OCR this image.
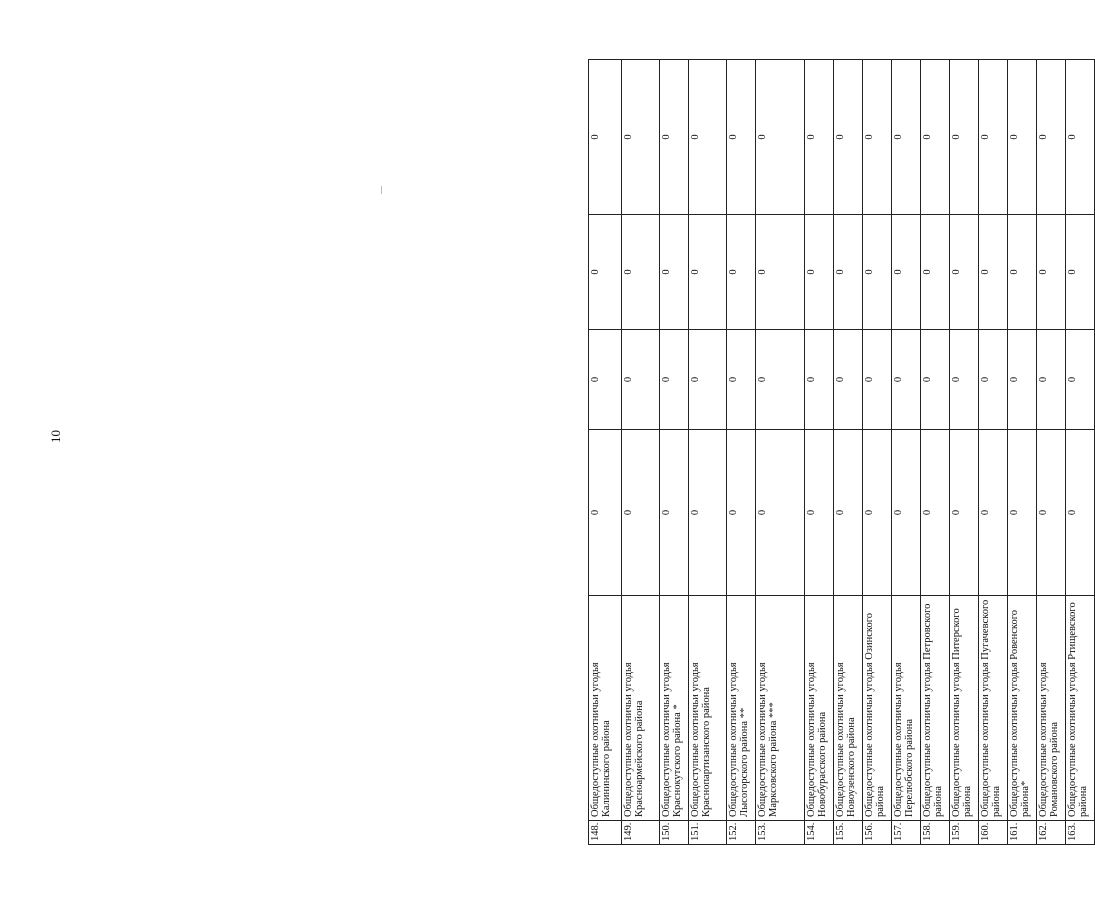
10
148.	Общедоступные охотничьи угодья Калининского района	0	0	0	0
149.	Общедоступные охотничьи угодья Красноармейского района	0	0	0	0
150.	Общедоступные охотничьи угодья Краснокутского района *	0	0	0	0
151.	Общедоступные охотничьи угодья Краснопартизанского района	0	0	0	0
152.	Общедоступные охотничьи угодья Лысогорского района **	0	0	0	0
153.	Общедоступные охотничьи угодья Марксовского района ***	0	0	0	0
154.	Общедоступные охотничьи угодья Новобурасского района	0	0	0	0
155.	Общедоступные охотничьи угодья Новоузенского района	0	0	0	0
156.	Общедоступные охотничьи угодья Озинского района	0	0	0	0
157.	Общедоступные охотничьи угодья Перелюбского района	0	0	0	0
158.	Общедоступные охотничьи угодья Петровского района	0	0	0	0
159.	Общедоступные охотничьи угодья Питерского района	0	0	0	0
160.	Общедоступные охотничьи угодья Пугачевского района	0	0	0	0
161.	Общедоступные охотничьи угодья Ровенского района*	0	0	0	0
162.	Общедоступные охотничьи угодья Романовского района	0	0	0	0
163.	Общедоступные охотничьи угодья Ртищевского района	0	0	0	0
